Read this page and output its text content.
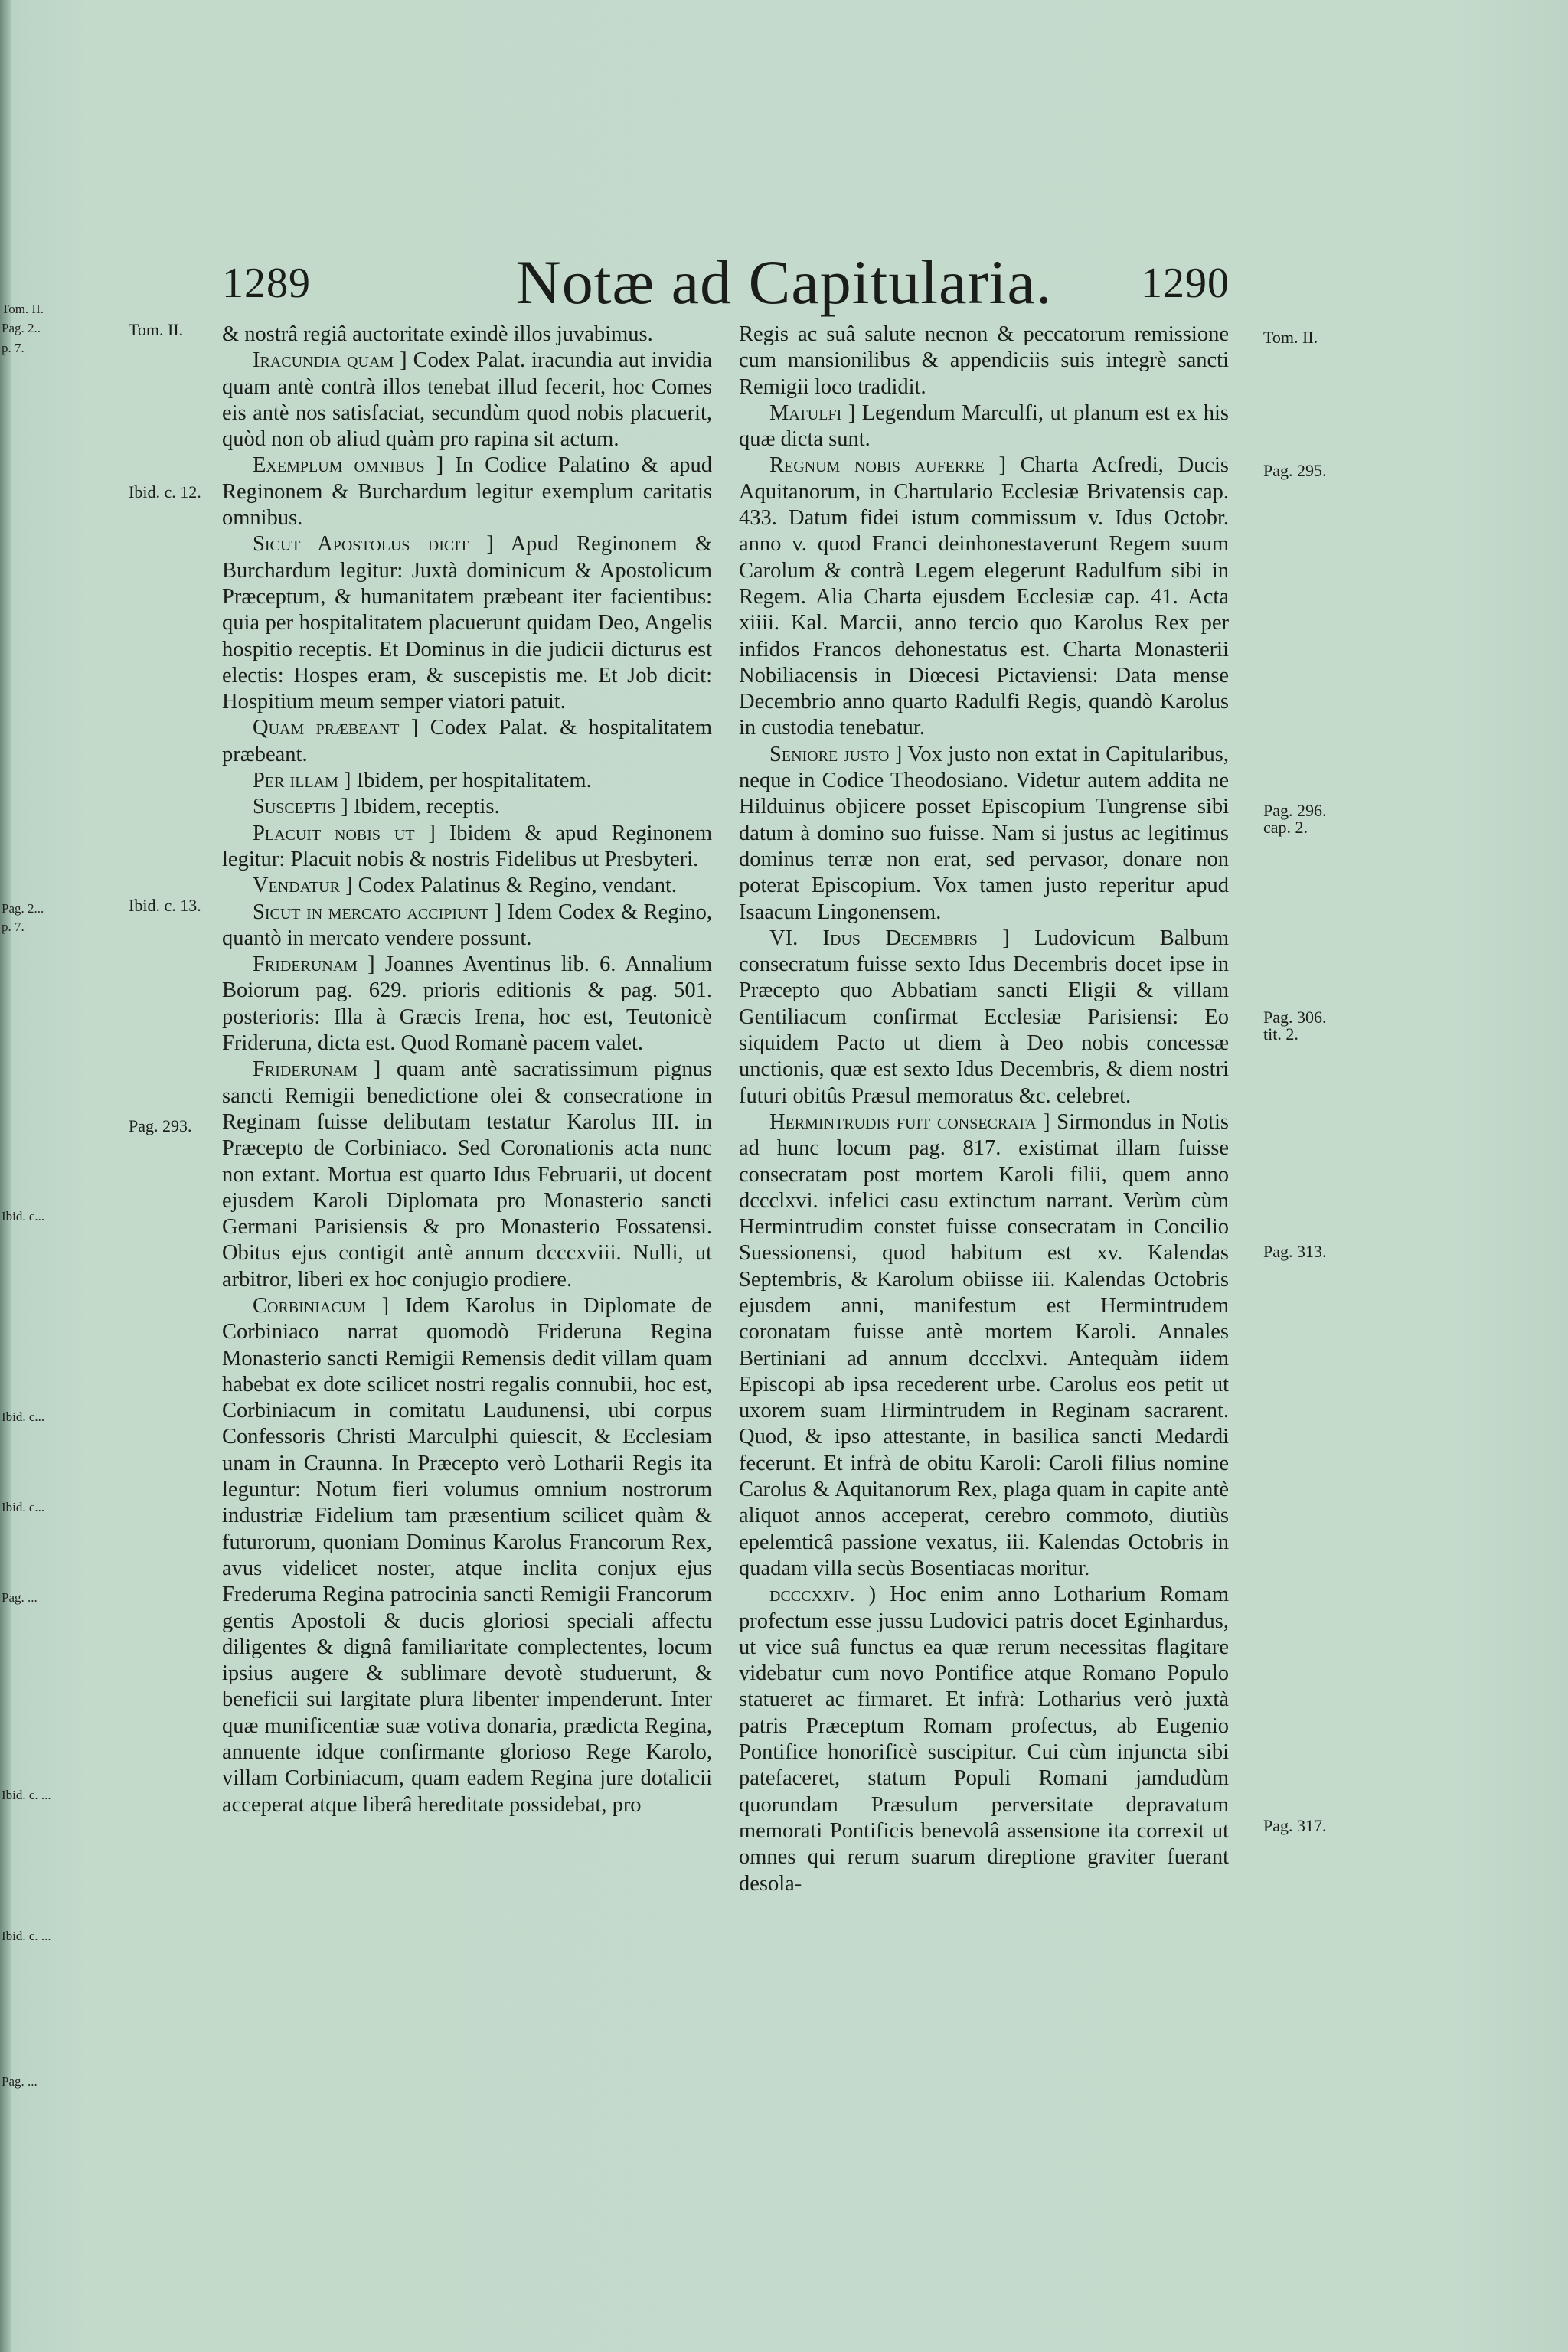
Tom. II.
Pag. 2..
p. 7.
Pag. 2...
p. 7.
Ibid. c...
Ibid. c...
Ibid. c...
Pag. ...
Ibid. c. ...
Ibid. c. ...
Pag. ...
1289	Notæ ad Capitularia.	1290
Tom. II.
Ibid. c. 12.
Ibid. c. 13.
Pag. 293.
Tom. II.
Pag. 295.
Pag. 296.
cap. 2.
Pag. 306.
tit. 2.
Pag. 313.
Pag. 317.

& nostrâ regiâ auctoritate exindè illos juvabimus.

Iracundia quam ] Codex Palat. iracundia aut invidia quam antè contrà illos tenebat illud fecerit, hoc Comes eis antè nos satisfaciat, secundùm quod nobis placuerit, quòd non ob aliud quàm pro rapina sit actum.

Exemplum omnibus ] In Codice Palatino & apud Reginonem & Burchardum legitur exemplum caritatis omnibus.

Sicut Apostolus dicit ] Apud Reginonem & Burchardum legitur: Juxtà dominicum & Apostolicum Præceptum, & humanitatem præbeant iter facientibus: quia per hospitalitatem placuerunt quidam Deo, Angelis hospitio receptis. Et Dominus in die judicii dicturus est electis: Hospes eram, & suscepistis me. Et Job dicit: Hospitium meum semper viatori patuit.

Quam præbeant ] Codex Palat. & hospitalitatem præbeant.

Per illam ] Ibidem, per hospitalitatem.

Susceptis ] Ibidem, receptis.

Placuit nobis ut ] Ibidem & apud Reginonem legitur: Placuit nobis & nostris Fidelibus ut Presbyteri.

Vendatur ] Codex Palatinus & Regino, vendant.

Sicut in mercato accipiunt ] Idem Codex & Regino, quantò in mercato vendere possunt.

Friderunam ] Joannes Aventinus lib. 6. Annalium Boiorum pag. 629. prioris editionis & pag. 501. posterioris: Illa à Græcis Irena, hoc est, Teutonicè Frideruna, dicta est. Quod Romanè pacem valet.

Friderunam ] quam antè sacratissimum pignus sancti Remigii benedictione olei & consecratione in Reginam fuisse delibutam testatur Karolus III. in Præcepto de Corbiniaco. Sed Coronationis acta nunc non extant. Mortua est quarto Idus Februarii, ut docent ejusdem Karoli Diplomata pro Monasterio sancti Germani Parisiensis & pro Monasterio Fossatensi. Obitus ejus contigit antè annum dcccxviii. Nulli, ut arbitror, liberi ex hoc conjugio prodiere.

Corbiniacum ] Idem Karolus in Diplomate de Corbiniaco narrat quomodò Frideruna Regina Monasterio sancti Remigii Remensis dedit villam quam habebat ex dote scilicet nostri regalis connubii, hoc est, Corbiniacum in comitatu Laudunensi, ubi corpus Confessoris Christi Marculphi quiescit, & Ecclesiam unam in Craunna. In Præcepto verò Lotharii Regis ita leguntur: Notum fieri volumus omnium nostrorum industriæ Fidelium tam præsentium scilicet quàm & futurorum, quoniam Dominus Karolus Francorum Rex, avus videlicet noster, atque inclita conjux ejus Frederuma Regina patrocinia sancti Remigii Francorum gentis Apostoli & ducis gloriosi speciali affectu diligentes & dignâ familiaritate complectentes, locum ipsius augere & sublimare devotè studuerunt, & beneficii sui largitate plura libenter impenderunt. Inter quæ munificentiæ suæ votiva donaria, prædicta Regina, annuente idque confirmante glorioso Rege Karolo, villam Corbiniacum, quam eadem Regina jure dotalicii acceperat atque liberâ hereditate possidebat, pro

Regis ac suâ salute necnon & peccatorum remissione cum mansionilibus & appendiciis suis integrè sancti Remigii loco tradidit.

Matulfi ] Legendum Marculfi, ut planum est ex his quæ dicta sunt.

Regnum nobis auferre ] Charta Acfredi, Ducis Aquitanorum, in Chartulario Ecclesiæ Brivatensis cap. 433. Datum fidei istum commissum v. Idus Octobr. anno v. quod Franci deinhonestaverunt Regem suum Carolum & contrà Legem elegerunt Radulfum sibi in Regem. Alia Charta ejusdem Ecclesiæ cap. 41. Acta xiiii. Kal. Marcii, anno tercio quo Karolus Rex per infidos Francos dehonestatus est. Charta Monasterii Nobiliacensis in Diœcesi Pictaviensi: Data mense Decembrio anno quarto Radulfi Regis, quandò Karolus in custodia tenebatur.

Seniore justo ] Vox justo non extat in Capitularibus, neque in Codice Theodosiano. Videtur autem addita ne Hilduinus objicere posset Episcopium Tungrense sibi datum à domino suo fuisse. Nam si justus ac legitimus dominus terræ non erat, sed pervasor, donare non poterat Episcopium. Vox tamen justo reperitur apud Isaacum Lingonensem.

VI. Idus Decembris ] Ludovicum Balbum consecratum fuisse sexto Idus Decembris docet ipse in Præcepto quo Abbatiam sancti Eligii & villam Gentiliacum confirmat Ecclesiæ Parisiensi: Eo siquidem Pacto ut diem à Deo nobis concessæ unctionis, quæ est sexto Idus Decembris, & diem nostri futuri obitûs Præsul memoratus &c. celebret.

Hermintrudis fuit consecrata ] Sirmondus in Notis ad hunc locum pag. 817. existimat illam fuisse consecratam post mortem Karoli filii, quem anno dccclxvi. infelici casu extinctum narrant. Verùm cùm Hermintrudim constet fuisse consecratam in Concilio Suessionensi, quod habitum est xv. Kalendas Septembris, & Karolum obiisse iii. Kalendas Octobris ejusdem anni, manifestum est Hermintrudem coronatam fuisse antè mortem Karoli. Annales Bertiniani ad annum dccclxvi. Antequàm iidem Episcopi ab ipsa recederent urbe. Carolus eos petit ut uxorem suam Hirmintrudem in Reginam sacrarent. Quod, & ipso attestante, in basilica sancti Medardi fecerunt. Et infrà de obitu Karoli: Caroli filius nomine Carolus & Aquitanorum Rex, plaga quam in capite antè aliquot annos acceperat, cerebro commoto, diutiùs epelemticâ passione vexatus, iii. Kalendas Octobris in quadam villa secùs Bosentiacas moritur.

dcccxxiv. ) Hoc enim anno Lotharium Romam profectum esse jussu Ludovici patris docet Eginhardus, ut vice suâ functus ea quæ rerum necessitas flagitare videbatur cum novo Pontifice atque Romano Populo statueret ac firmaret. Et infrà: Lotharius verò juxtà patris Præceptum Romam profectus, ab Eugenio Pontifice honorificè suscipitur. Cui cùm injuncta sibi patefaceret, statum Populi Romani jamdudùm quorundam Præsulum perversitate depravatum memorati Pontificis benevolâ assensione ita correxit ut omnes qui rerum suarum direptione graviter fuerant desola-
